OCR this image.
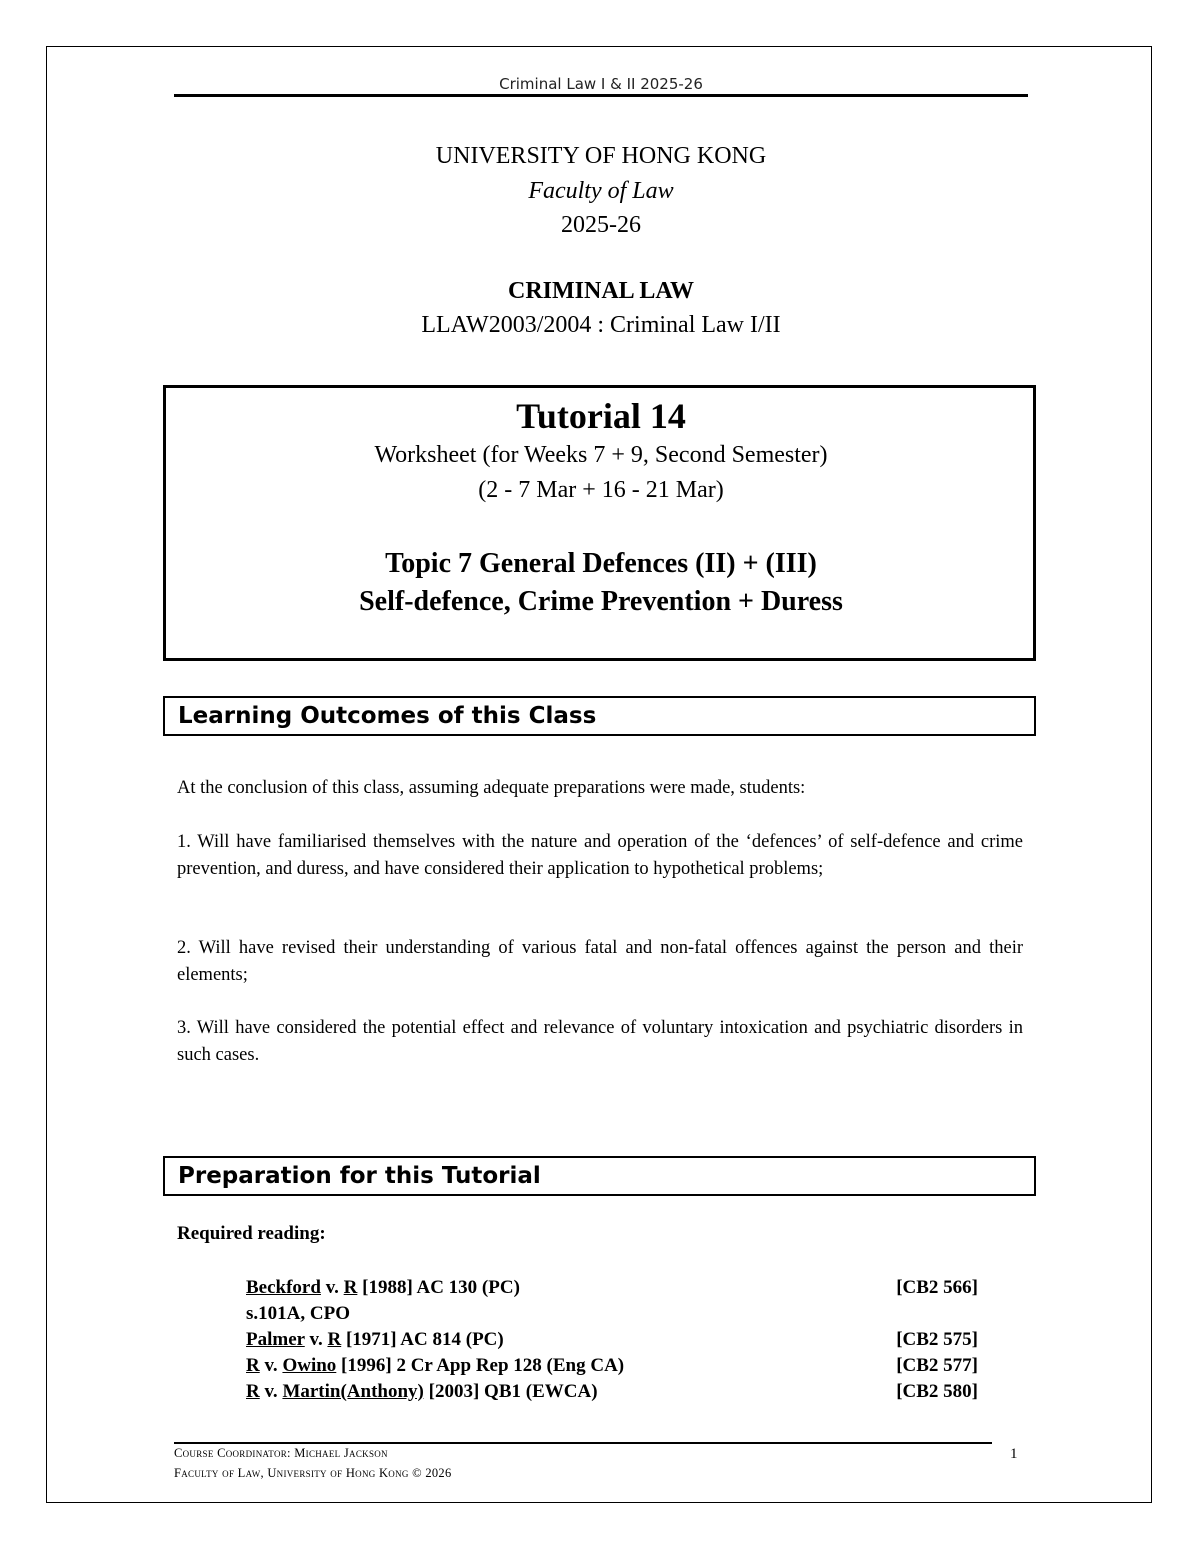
Criminal Law I & II 2025-26
UNIVERSITY OF HONG KONG
Faculty of Law
2025-26
CRIMINAL LAW
LLAW2003/2004 : Criminal Law I/II
Tutorial 14
Worksheet (for Weeks 7 + 9, Second Semester)
(2 - 7 Mar + 16 - 21 Mar)
Topic 7 General Defences (II) + (III)
Self-defence, Crime Prevention + Duress
Learning Outcomes of this Class
At the conclusion of this class, assuming adequate preparations were made, students:
1. Will have familiarised themselves with the nature and operation of the ‘defences’ of self-defence and crime prevention, and duress, and have considered their application to hypothetical problems;
2. Will have revised their understanding of various fatal and non-fatal offences against the person and their elements;
3. Will have considered the potential effect and relevance of voluntary intoxication and psychiatric disorders in such cases.
Preparation for this Tutorial
Required reading:
Beckford v. R [1988] AC 130 (PC)	[CB2 566]
s.101A, CPO
Palmer v. R [1971] AC 814 (PC)	[CB2 575]
R v. Owino [1996] 2 Cr App Rep 128 (Eng CA)	[CB2 577]
R v. Martin(Anthony) [2003] QB1 (EWCA)	[CB2 580]
Course Coordinator: Michael Jackson
Faculty of Law, University of Hong Kong © 2026
1
